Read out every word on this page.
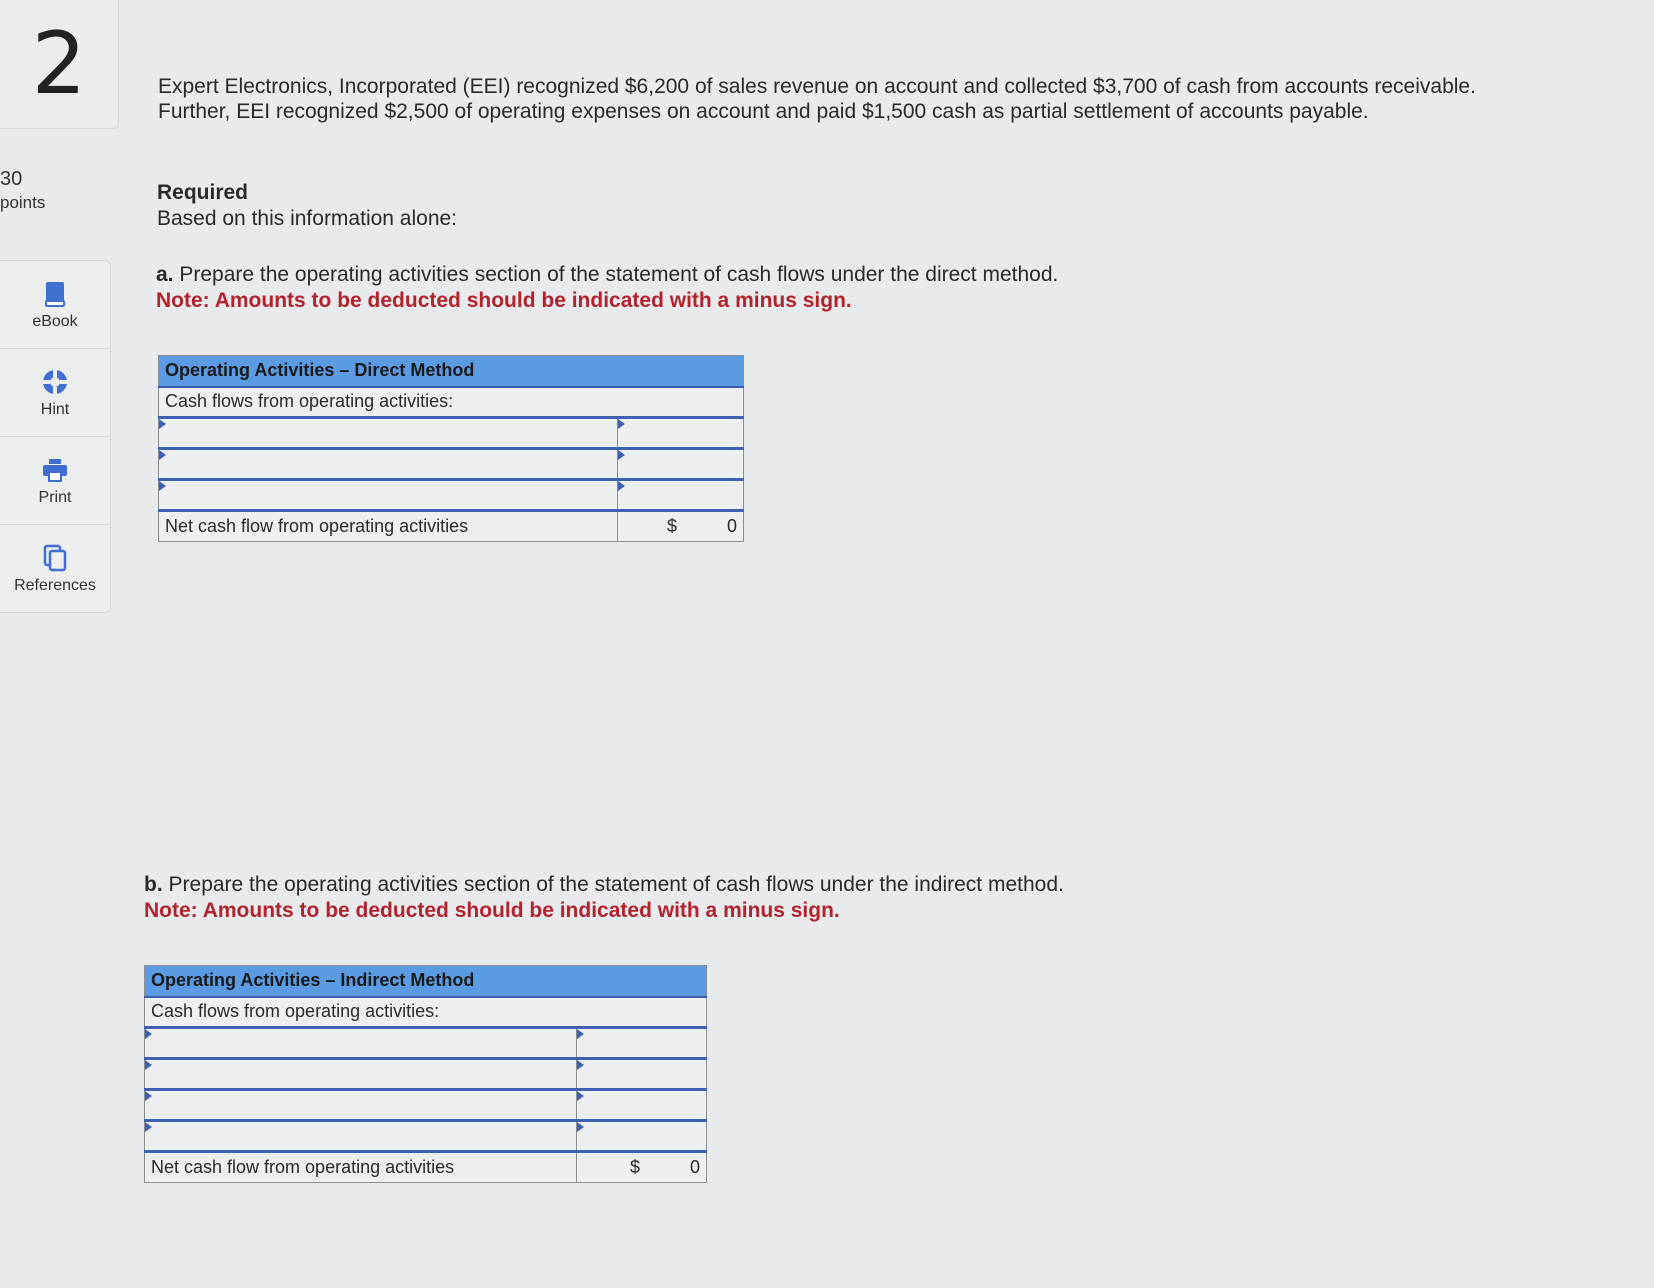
2
30
points
eBook
Hint
Print
References

Expert Electronics, Incorporated (EEI) recognized $6,200 of sales revenue on account and collected $3,700 of cash from accounts receivable. Further, EEI recognized $2,500 of operating expenses on account and paid $1,500 cash as partial settlement of accounts payable.

Required
Based on this information alone:
a. Prepare the operating activities section of the statement of cash flows under the direct method.
Note: Amounts to be deducted should be indicated with a minus sign.
Operating Activities – Direct Method	
Cash flows from operating activities:	

Net cash flow from operating activities	$ 0
b. Prepare the operating activities section of the statement of cash flows under the indirect method.
Note: Amounts to be deducted should be indicated with a minus sign.
Operating Activities – Indirect Method	
Cash flows from operating activities:	

Net cash flow from operating activities	$ 0
